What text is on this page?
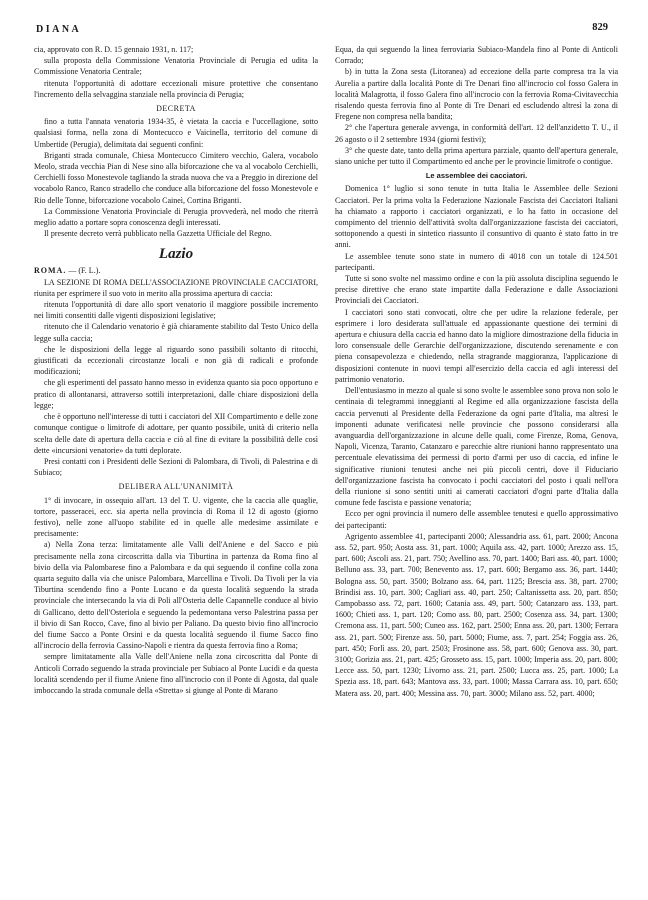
DIANA	829

cia, approvato con R. D. 15 gennaio 1931, n. 117;

sulla proposta della Commissione Venatoria Provinciale di Perugia ed udita la Commissione Venatoria Centrale;

ritenuta l'opportunità di adottare eccezionali misure protettive che consentano l'incremento della selvaggina stanziale nella provincia di Perugia;

DECRETA

fino a tutta l'annata venatoria 1934-35, è vietata la caccia e l'uccellagione, sotto qualsiasi forma, nella zona di Montecucco e Vaicinella, territorio del comune di Umbertide (Perugia), delimitata dai seguenti confini:

Briganti strada comunale, Chiesa Montecucco Cimitero vecchio, Galera, vocabolo Meolo, strada vecchia Pian di Nese sino alla biforcazione che va al vocabolo Cerchielli, Cerchielli fosso Monestevole tagliando la strada nuova che va a Preggio in direzione del vocabolo Ranco, Ranco stradello che conduce alla biforcazione del fosso Monestevole e Rio delle Tonne, biforcazione vocabolo Caineì, Cortina Briganti.

La Commissione Venatoria Provinciale di Perugia provvederà, nel modo che riterrà meglio adatto a portare sopra conoscenza degli interessati.

Il presente decreto verrà pubblicato nella Gazzetta Ufficiale del Regno.

Lazio

ROMA. — (F. L.).

LA SEZIONE DI ROMA DELL'ASSOCIAZIONE PROVINCIALE CACCIATORI, riunita per esprimere il suo voto in merito alla prossima apertura di caccia:

ritenuta l'opportunità di dare allo sport venatorio il maggiore possibile incremento nei limiti consentiti dalle vigenti disposizioni legislative;

ritenuto che il Calendario venatorio è già chiaramente stabilito dal Testo Unico della legge sulla caccia;

che le disposizioni della legge al riguardo sono passibili soltanto di ritocchi, giustificati da eccezionali circostanze locali e non già di radicali e profonde modificazioni;

che gli esperimenti del passato hanno messo in evidenza quanto sia poco opportuno e pratico di allontanarsi, attraverso sottili interpretazioni, dalle chiare disposizioni della legge;

che è opportuno nell'interesse di tutti i cacciatori del XII Compartimento e delle zone comunque contigue o limitrofe di adottare, per quanto possibile, unità di criterio nella scelta delle date di apertura della caccia e ciò al fine di evitare la possibilità delle così dette «incursioni venatorie» da tutti deplorate.

Presi contatti con i Presidenti delle Sezioni di Palombara, di Tivoli, di Palestrina e di Subiaco;

DELIBERA ALL'UNANIMITÀ

1° di invocare, in ossequio all'art. 13 del T. U. vigente, che la caccia alle quaglie, tortore, passeracei, ecc. sia aperta nella provincia di Roma il 12 di agosto (giorno festivo), nelle zone all'uopo stabilite ed in quelle alle medesime assimilate e precisamente:

a) Nella Zona terza: limitatamente alle Valli dell'Aniene e del Sacco e più precisamente nella zona circoscritta dalla via Tiburtina in partenza da Roma fino al bivio della via Palombarese fino a Palombara e da qui seguendo il confine colla zona quarta seguito dalla via che unisce Palombara, Marcellina e Tivoli. Da Tivoli per la via Tiburtina scendendo fino a Ponte Lucano e da questa località seguendo la strada provinciale che intersecando la via di Poli all'Osteria delle Capannelle conduce al bivio di Gallicano, detto dell'Osteriola e seguendo la pedemontana verso Palestrina passa per il bivio di San Rocco, Cave, fino al bivio per Paliano. Da questo bivio fino all'incrocio del fiume Sacco a Ponte Orsini e da questa località seguendo il fiume Sacco fino all'incrocio della ferrovia Cassino-Napoli e rientra da questa ferrovia fino a Roma;

sempre limitatamente alla Valle dell'Aniene nella zona circoscritta dal Ponte di Anticoli Corrado seguendo la strada provinciale per Subiaco al Ponte Lucidi e da questa località scendendo per il fiume Aniene fino all'incrocio con il Ponte di Agosta, dal quale imboccando la strada comunale della «Stretta» si giunge al Ponte di Marano

Equa, da qui seguendo la linea ferroviaria Subiaco-Mandela fino al Ponte di Anticoli Corrado;

b) in tutta la Zona sesta (Litoranea) ad eccezione della parte compresa tra la via Aurelia a partire dalla località Ponte di Tre Denari fino all'incrocio col fosso Galera in località Malagrotta, il fosso Galera fino all'incrocio con la ferrovia Roma-Civitavecchia risalendo questa ferrovia fino al Ponte di Tre Denari ed escludendo altresì la zona di Fregene non compresa nella bandita;

2° che l'apertura generale avvenga, in conformità dell'art. 12 dell'anzidetto T. U., il 26 agosto o il 2 settembre 1934 (giorni festivi);

3° che queste date, tanto della prima apertura parziale, quanto dell'apertura generale, siano uniche per tutto il Compartimento ed anche per le provincie limitrofe o contigue.

Le assemblee dei cacciatori.

Domenica 1° luglio si sono tenute in tutta Italia le Assemblee delle Sezioni Cacciatori. Per la prima volta la Federazione Nazionale Fascista dei Cacciatori Italiani ha chiamato a rapporto i cacciatori organizzati, e lo ha fatto in occasione del compimento del triennio dell'attività svolta dall'organizzazione fascista dei cacciatori, sottoponendo a questi in sintetico riassunto il consuntivo di quanto è stato fatto in tre anni.

Le assemblee tenute sono state in numero di 4018 con un totale di 124.501 partecipanti.

Tutte si sono svolte nel massimo ordine e con la più assoluta disciplina seguendo le precise direttive che erano state impartite dalla Federazione e dalle Associazioni Provinciali dei Cacciatori.

I cacciatori sono stati convocati, oltre che per udire la relazione federale, per esprimere i loro desiderata sull'attuale ed appassionante questione dei termini di apertura e chiusura della caccia ed hanno dato la migliore dimostrazione della fiducia in loro consensuale delle Gerarchie dell'organizzazione, discutendo serenamente e con piena consapevolezza e chiedendo, nella stragrande maggioranza, l'applicazione di disposizioni contenute in nuovi tempi all'esercizio della caccia ed agli interessi del patrimonio venatorio.

Dell'entusiasmo in mezzo al quale si sono svolte le assemblee sono prova non solo le centinaia di telegrammi inneggianti al Regime ed alla organizzazione fascista della caccia pervenuti al Presidente della Federazione da ogni parte d'Italia, ma altresì le imponenti adunate verificatesi nelle provincie che possono considerarsi alla avanguardia dell'organizzazione in alcune delle quali, come Firenze, Roma, Genova, Napoli, Vicenza, Taranto, Catanzaro e parecchie altre riunioni hanno rappresentato una percentuale elevatissima dei permessi di porto d'armi per uso di caccia, ed infine le significative riunioni tenutesi anche nei più piccoli centri, dove il Fiduciario dell'organizzazione fascista ha convocato i pochi cacciatori del posto i quali nell'ora della riunione si sono sentiti uniti ai camerati cacciatori d'ogni parte d'Italia dalla comune fede fascista e passione venatoria;

Ecco per ogni provincia il numero delle assemblee tenutesi e quello approssimativo dei partecipanti:

Agrigento assemblee 41, partecipanti 2000; Alessandria ass. 61, part. 2000; Ancona ass. 52, part. 950; Aosta ass. 31, part. 1000; Aquila ass. 42, part. 1000; Arezzo ass. 15, part. 600; Ascoli ass. 21, part. 750; Avellino ass. 70, part. 1400; Bari ass. 40, part. 1000; Belluno ass. 33, part. 700; Benevento ass. 17, part. 600; Bergamo ass. 36, part. 1440; Bologna ass. 50, part. 3500; Bolzano ass. 64, part. 1125; Brescia ass. 38, part. 2700; Brindisi ass. 10, part. 300; Cagliari ass. 40, part. 250; Caltanissetta ass. 20, part. 850; Campobasso ass. 72, part. 1600; Catania ass. 49, part. 500; Catanzaro ass. 133, part. 1600; Chieti ass. 1, part. 120; Como ass. 80, part. 2500; Cosenza ass. 34, part. 1300; Cremona ass. 11, part. 500; Cuneo ass. 162, part. 2500; Enna ass. 20, part. 1300; Ferrara ass. 21, part. 500; Firenze ass. 50, part. 5000; Fiume, ass. 7, part. 254; Foggia ass. 26, part. 450; Forlì ass. 20, part. 2503; Frosinone ass. 58, part. 600; Genova ass. 30, part. 3100; Gorizia ass. 21, part. 425; Grosseto ass. 15, part. 1000; Imperia ass. 20, part. 800; Lecce ass. 50, part. 1230; Livorno ass. 21, part. 2500; Lucca ass. 25, part. 1000; La Spezia ass. 18, part. 643; Mantova ass. 33, part. 1000; Massa Carrara ass. 10, part. 650; Matera ass. 20, part. 400; Messina ass. 70, part. 3000; Milano ass. 52, part. 4000;
